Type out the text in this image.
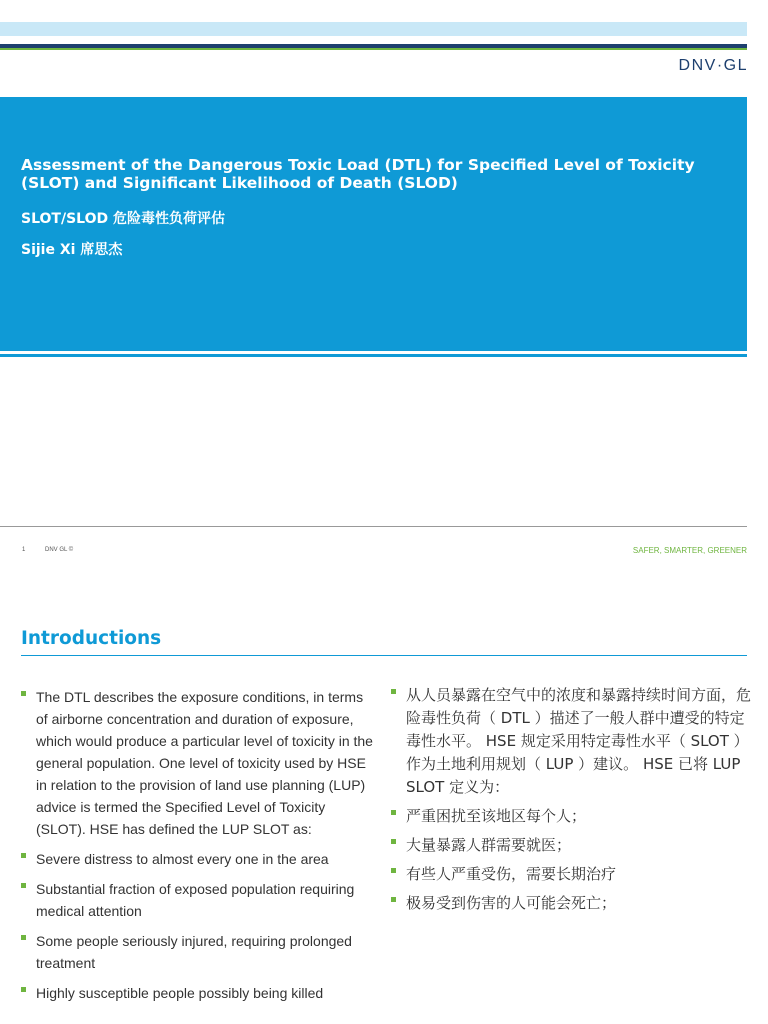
DNV·GL
Assessment of the Dangerous Toxic Load (DTL) for Specified Level of Toxicity (SLOT) and Significant Likelihood of Death (SLOD)
SLOT/SLOD 危险毒性负荷评估
Sijie Xi 席思杰
1	DNV GL ©	SAFER, SMARTER, GREENER
Introductions
The DTL describes the exposure conditions, in terms of airborne concentration and duration of exposure, which would produce a particular level of toxicity in the general population. One level of toxicity used by HSE in relation to the provision of land use planning (LUP) advice is termed the Specified Level of Toxicity (SLOT). HSE has defined the LUP SLOT as:
Severe distress to almost every one in the area
Substantial fraction of exposed population requiring medical attention
Some people seriously injured, requiring prolonged treatment
Highly susceptible people possibly being killed
从人员暴露在空气中的浓度和暴露持续时间方面，危险毒性负荷（ DTL ）描述了一般人群中遭受的特定毒性水平。 HSE 规定采用特定毒性水平（ SLOT ）作为土地利用规划（ LUP ）建议。 HSE 已将 LUP SLOT 定义为：
严重困扰至该地区每个人；
大量暴露人群需要就医；
有些人严重受伤，需要长期治疗
极易受到伤害的人可能会死亡；
